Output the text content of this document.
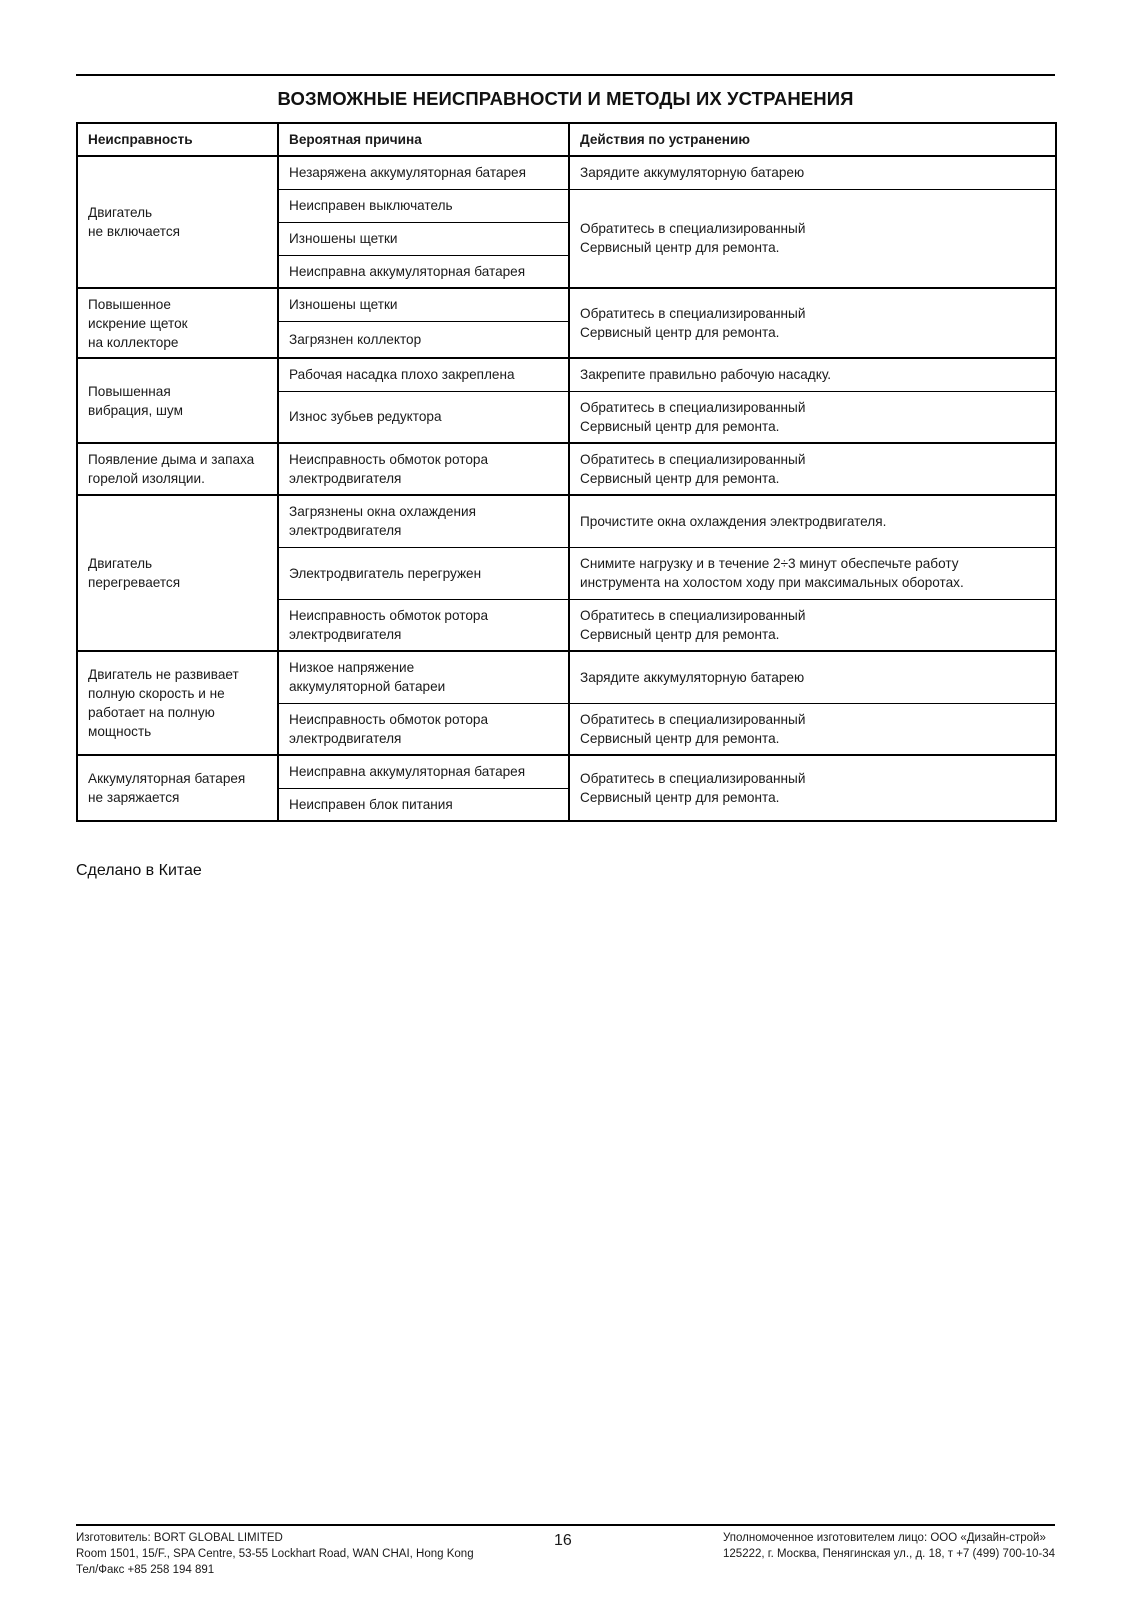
ВОЗМОЖНЫЕ НЕИСПРАВНОСТИ И МЕТОДЫ ИХ УСТРАНЕНИЯ
Неисправность	Вероятная причина	Действия по устранению
Двигатель
не включается	Незаряжена аккумуляторная батарея	Зарядите аккумуляторную батарею
	Неисправен выключатель	Обратитесь в специализированный
Сервисный центр для ремонта.
	Изношены щетки	
	Неисправна аккумуляторная батарея	
Повышенное
искрение щеток
на коллекторе	Изношены щетки	Обратитесь в специализированный
Сервисный центр для ремонта.
	Загрязнен коллектор	
Повышенная
вибрация, шум	Рабочая насадка плохо закреплена	Закрепите правильно рабочую насадку.
	Износ зубьев редуктора	Обратитесь в специализированный
Сервисный центр для ремонта.
Появление дыма и запаха
горелой изоляции.	Неисправность обмоток ротора
электродвигателя	Обратитесь в специализированный
Сервисный центр для ремонта.
Двигатель
перегревается	Загрязнены окна охлаждения
электродвигателя	Прочистите окна охлаждения электродвигателя.
	Электродвигатель перегружен	Снимите нагрузку и в течение 2÷3 минут обеспечьте работу
инструмента на холостом ходу при максимальных оборотах.
	Неисправность обмоток ротора
электродвигателя	Обратитесь в специализированный
Сервисный центр для ремонта.
Двигатель не развивает
полную скорость и не
работает на полную
мощность	Низкое напряжение
аккумуляторной батареи	Зарядите аккумуляторную батарею
	Неисправность обмоток ротора
электродвигателя	Обратитесь в специализированный
Сервисный центр для ремонта.
Аккумуляторная батарея
не заряжается	Неисправна аккумуляторная батарея	Обратитесь в специализированный
Сервисный центр для ремонта.
	Неисправен блок питания	
Сделано в Китае
Изготовитель: BORT GLOBAL LIMITED
Room 1501, 15/F., SPA Centre, 53-55 Lockhart Road, WAN CHAI, Hong Kong
Тел/Факс +85 258 194 891
16	Уполномоченное изготовителем лицо: ООО «Дизайн-строй»
125222, г. Москва, Пенягинская ул., д. 18, т +7 (499) 700-10-34
